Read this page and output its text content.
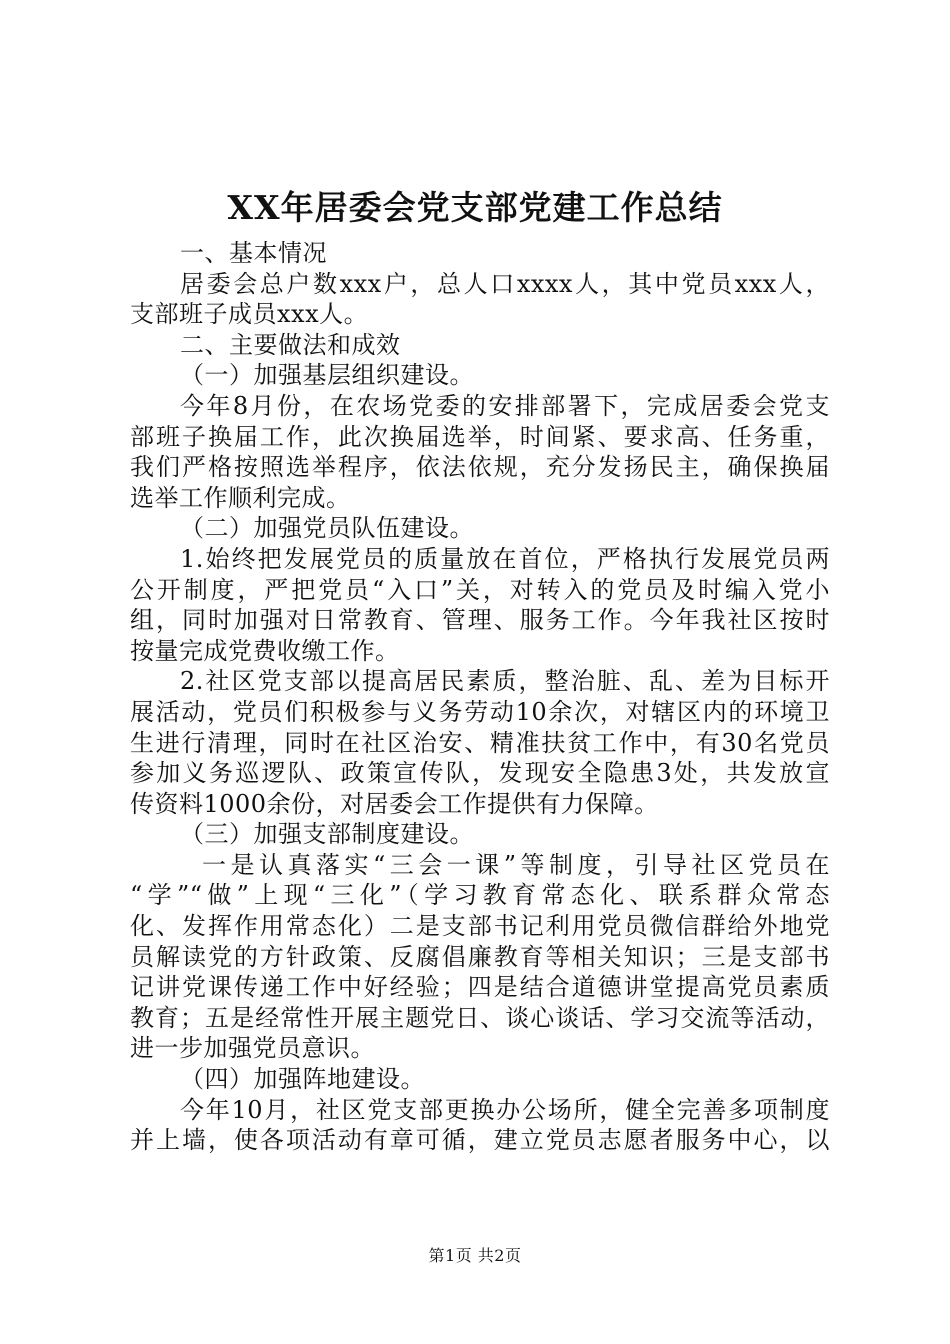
XX年居委会党支部党建工作总结
一、基本情况
居委会总户数xxx户，总人口xxxx人，其中党员xxx人，
支部班子成员xxx人。
二、主要做法和成效
（一）加强基层组织建设。
今年8月份，在农场党委的安排部署下，完成居委会党支
部班子换届工作，此次换届选举，时间紧、要求高、任务重，
我们严格按照选举程序，依法依规，充分发扬民主，确保换届
选举工作顺利完成。
（二）加强党员队伍建设。
1.始终把发展党员的质量放在首位，严格执行发展党员两
公开制度，严把党员“入口”关，对转入的党员及时编入党小
组，同时加强对日常教育、管理、服务工作。今年我社区按时
按量完成党费收缴工作。
2.社区党支部以提高居民素质，整治脏、乱、差为目标开
展活动，党员们积极参与义务劳动10余次，对辖区内的环境卫
生进行清理，同时在社区治安、精准扶贫工作中，有30名党员
参加义务巡逻队、政策宣传队，发现安全隐患3处，共发放宣
传资料1000余份，对居委会工作提供有力保障。
（三）加强支部制度建设。
一是认真落实“三会一课”等制度，引导社区党员在
“学”“做”上现“三化”（学习教育常态化、联系群众常态
化、发挥作用常态化）二是支部书记利用党员微信群给外地党
员解读党的方针政策、反腐倡廉教育等相关知识；三是支部书
记讲党课传递工作中好经验；四是结合道德讲堂提高党员素质
教育；五是经常性开展主题党日、谈心谈话、学习交流等活动，
进一步加强党员意识。
（四）加强阵地建设。
今年10月，社区党支部更换办公场所，健全完善多项制度
并上墙，使各项活动有章可循，建立党员志愿者服务中心，以
第1页 共2页
